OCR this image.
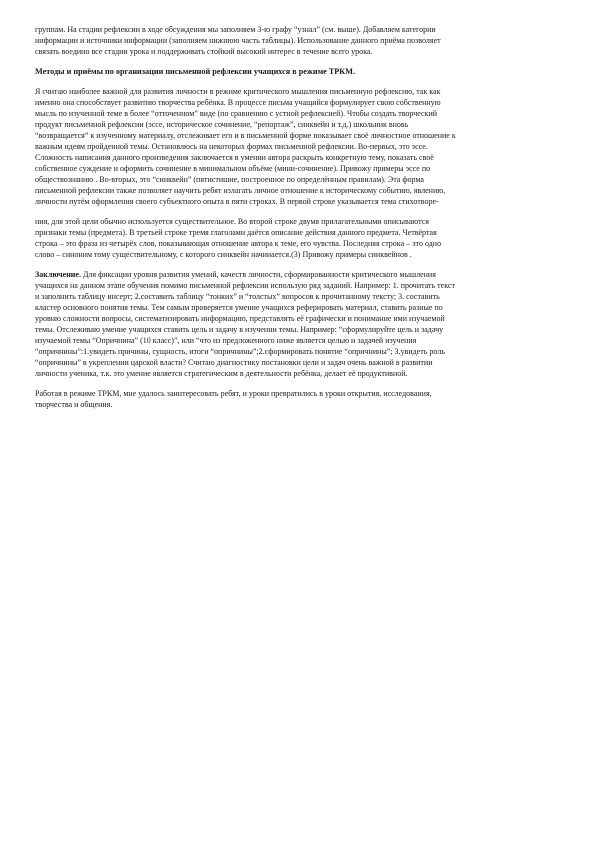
группам. На стадии рефлексии в ходе обсуждения мы заполняем 3-ю графу “узнал” (см. выше). Добавляем категории
информации и источники информации (заполняем нижнюю часть таблицы). Использование данного приёма позволяет
связать воедино все стадии урока и поддерживать стойкий высокий интерес в течение всего урока.

Методы и приёмы по организации письменной рефлексии учащихся в режиме ТРКМ.

Я считаю наиболее важной для развития личности в режиме критического мышления письменную рефлексию, так как
именно она способствует развитию творчества ребёнка. В процессе письма учащийся формулирует свою собственную
мысль по изученной теме в более “отточенном” виде (по сравнению с устной рефлексией). Чтобы создать творческий
продукт письменной рефлексии (эссе, историческое сочинение, “репортаж”, синквейн и т.д.) школьник вновь
“возвращается” к изученному материалу, отслеживает его и в письменной форме показывает своё личностное отношение к
важным идеям пройденной темы. Остановлюсь на некоторых формах письменной рефлексии. Во-первых, это эссе.
Сложность написания данного произведения заключается в умении автора раскрыть конкретную тему, показать своё
собственное суждение и оформить сочинение в минимальном объёме (мини-сочинение). Привожу примеры эссе по
обществознанию . Во-вторых, это “синквейн” (пятистишие, построенное по определённым правилам). Эта форма
письменной рефлексии также позволяет научить ребят излагать личное отношение к историческому событию, явлению,
личности путём оформления своего субъектного опыта в пяти строках. В первой строке указывается тема стихотворе-

ния, для этой цели обычно используется существительное. Во второй строке двумя прилагательными описываются
признаки темы (предмета). В третьей строке тремя глаголами даётся описание действия данного предмета. Четвёртая
строка – это фраза из четырёх слов, показывающая отношение автора к теме, его чувства. Последняя строка – это одно
слово – синоним тому существительному, с которого синквейн начинается.(3) Привожу примеры синквейнов .

Заключение. Для фиксации уровня развития умений, качеств личности, сформированности критического мышления
учащихся на данном этапе обучения помимо письменной рефлексии использую ряд заданий. Например: 1. прочитать текст
и заполнить таблицу инсерт; 2.составить таблицу “тонких” и “толстых” вопросов к прочитанному тексту; 3. составить
кластер основного понятия темы. Тем самым проверяется умение учащихся реферировать материал, ставить разные по
уровню сложности вопросы, систематизировать информацию, представлять её графически и понимание ими изучаемой
темы. Отслеживаю умение учащихся ставить цель и задачу в изучении темы. Например: “сформулируйте цель и задачу
изучаемой темы “Опричнина” (10 класс)”, или “что из предложенного ниже является целью и задачей изучения
“опричнины”:1.увидеть причины, сущность, итоги “опричнины”;2.сформировать понятие “опричнины”; 3.увидеть роль
“опричнины” в укреплении царской власти? Считаю диагностику постановки цели и задач очень важной в развитии
личности ученика, т.к. это умение является стратегическим в деятельности ребёнка, делает её продуктивной.

Работая в режиме ТРКМ, мне удалось заинтересовать ребят, и уроки превратились в уроки открытия, исследования,
творчества и общения.
